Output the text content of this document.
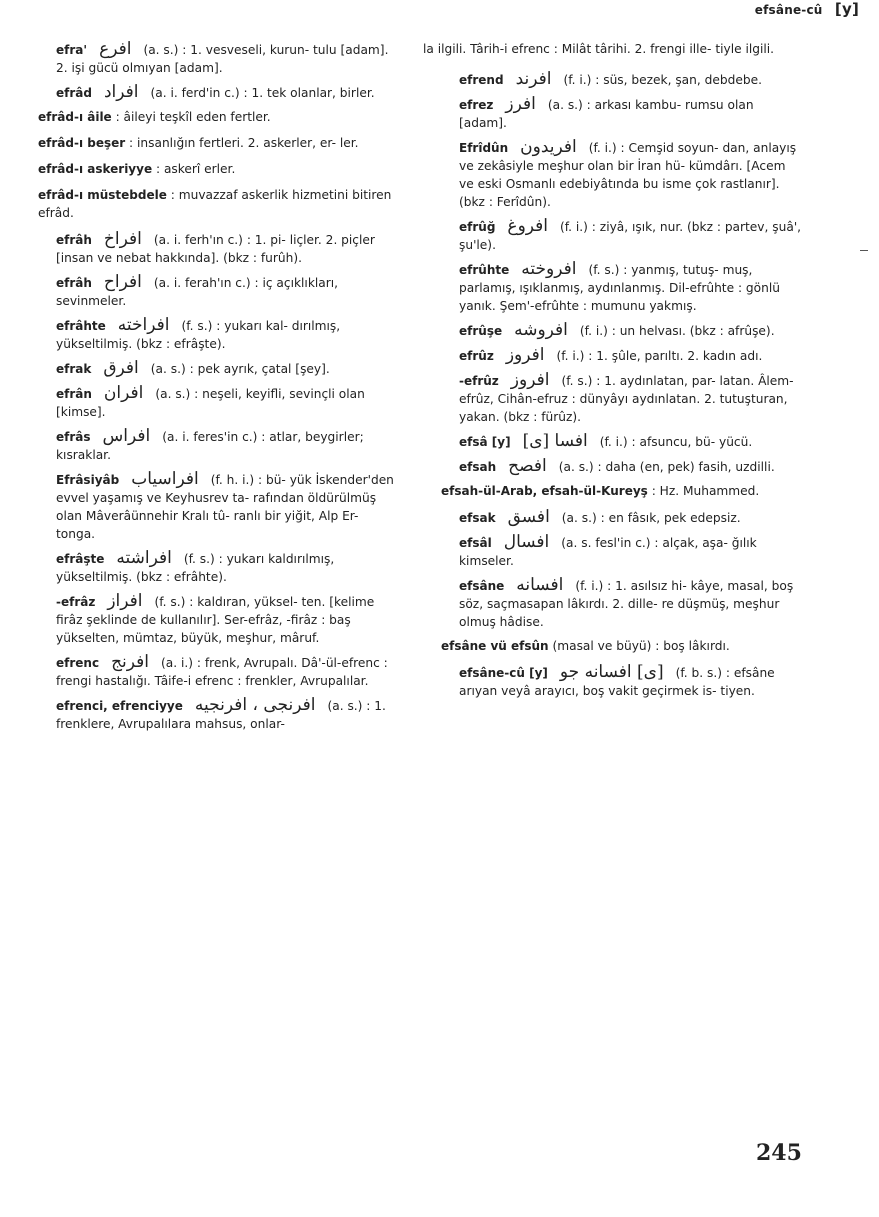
efsâne-cû [y]
efra' افرع (a. s.) : 1. vesveseli, kurun- tulu [adam]. 2. işi gücü olmıyan [adam].
efrâd افراد (a. i. ferd'in c.) : 1. tek olanlar, birler.
efrâd-ı âile : âileyi teşkîl eden fertler.
efrâd-ı beşer : insanlığın fertleri. 2. askerler, er- ler.
efrâd-ı askeriyye : askerî erler.
efrâd-ı müstebdele : muvazzaf askerlik hizmetini bitiren efrâd.
efrâh افراخ (a. i. ferh'ın c.) : 1. pi- liçler. 2. piçler [insan ve nebat hakkında]. (bkz : furûh).
efrâh افراح (a. i. ferah'ın c.) : iç açıklıkları, sevinmeler.
efrâhte افراخته (f. s.) : yukarı kal- dırılmış, yükseltilmiş. (bkz : efrâşte).
efrak افرق (a. s.) : pek ayrık, çatal [şey].
efrân افران (a. s.) : neşeli, keyifli, sevinçli olan [kimse].
efrâs افراس (a. i. feres'in c.) : atlar, beygirler; kısraklar.
Efrâsiyâb افراسياب (f. h. i.) : bü- yük İskender'den evvel yaşamış ve Keyhusrev ta- rafından öldürülmüş olan Mâverâünnehir Kralı tû- ranlı bir yiğit, Alp Er-tonga.
efrâşte افراشته (f. s.) : yukarı kaldırılmış, yükseltilmiş. (bkz : efrâhte).
-efrâz افراز (f. s.) : kaldıran, yüksel- ten. [kelime firâz şeklinde de kullanılır]. Ser-efrâz, -firâz : baş yükselten, mümtaz, büyük, meşhur, mâruf.
efrenc افرنج (a. i.) : frenk, Avrupalı. Dâ'-ül-efrenc : frengi hastalığı. Tâife-i efrenc : frenkler, Avrupalılar.
efrenci, efrenciyye افرنجى ، افرنجيه (a. s.) : 1. frenklere, Avrupalılara mahsus, onlar-
la ilgili. Târih-i efrenc : Milât târihi. 2. frengi ille- tiyle ilgili.
efrend افرند (f. i.) : süs, bezek, şan, debdebe.
efrez افرز (a. s.) : arkası kambu- rumsu olan [adam].
Efrîdûn افريدون (f. i.) : Cemşid soyun- dan, anlayış ve zekâsiyle meşhur olan bir İran hü- kümdârı. [Acem ve eski Osmanlı edebiyâtında bu isme çok rastlanır]. (bkz : Ferîdûn).
efrûğ افروغ (f. i.) : ziyâ, ışık, nur. (bkz : partev, şuâ', şu'le).
efrûhte افروخته (f. s.) : yanmış, tutuş- muş, parlamış, ışıklanmış, aydınlanmış. Dil-efrûhte : gönlü yanık. Şem'-efrûhte : mumunu yakmış.
efrûşe افروشه (f. i.) : un helvası. (bkz : afrûşe).
efrûz افروز (f. i.) : 1. şûle, parıltı. 2. kadın adı.
-efrûz افروز (f. s.) : 1. aydınlatan, par- latan. Âlem-efrûz, Cihân-efruz : dünyâyı aydınlatan. 2. tutuşturan, yakan. (bkz : fürûz).
efsâ [y] افسا [ى] (f. i.) : afsuncu, bü- yücü.
efsah افصح (a. s.) : daha (en, pek) fasih, uzdilli.
efsah-ül-Arab, efsah-ül-Kureyş : Hz. Muhammed.
efsak افسق (a. s.) : en fâsık, pek edepsiz.
efsâl افسال (a. s. fesl'in c.) : alçak, aşa- ğılık kimseler.
efsâne افسانه (f. i.) : 1. asılsız hi- kâye, masal, boş söz, saçmasapan lâkırdı. 2. dille- re düşmüş, meşhur olmuş hâdise.
efsâne vü efsûn (masal ve büyü) : boş lâkırdı.
efsâne-cû [y] [ى] افسانه جو (f. b. s.) : efsâne arıyan veyâ arayıcı, boş vakit geçirmek is- tiyen.
245
